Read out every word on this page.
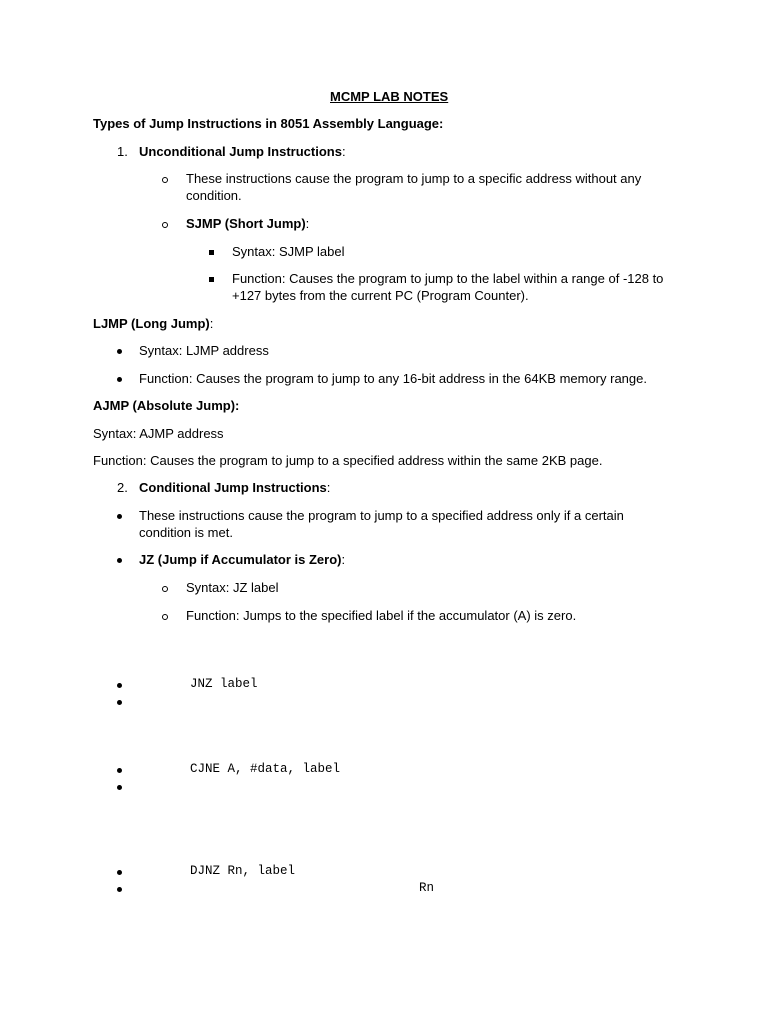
MCMP LAB NOTES
Types of Jump Instructions in 8051 Assembly Language:
1. Unconditional Jump Instructions:
These instructions cause the program to jump to a specific address without any
condition.
SJMP (Short Jump):
Syntax: SJMP label
Function: Causes the program to jump to the label within a range of -128 to
+127 bytes from the current PC (Program Counter).
LJMP (Long Jump):
Syntax: LJMP address
Function: Causes the program to jump to any 16-bit address in the 64KB memory range.
AJMP (Absolute Jump):
Syntax: AJMP address
Function: Causes the program to jump to a specified address within the same 2KB page.
2. Conditional Jump Instructions:
These instructions cause the program to jump to a specified address only if a certain
condition is met.
JZ (Jump if Accumulator is Zero):
Syntax: JZ label
Function: Jumps to the specified label if the accumulator (A) is zero.
JNZ label
CJNE A, #data, label
DJNZ Rn, label
Rn
